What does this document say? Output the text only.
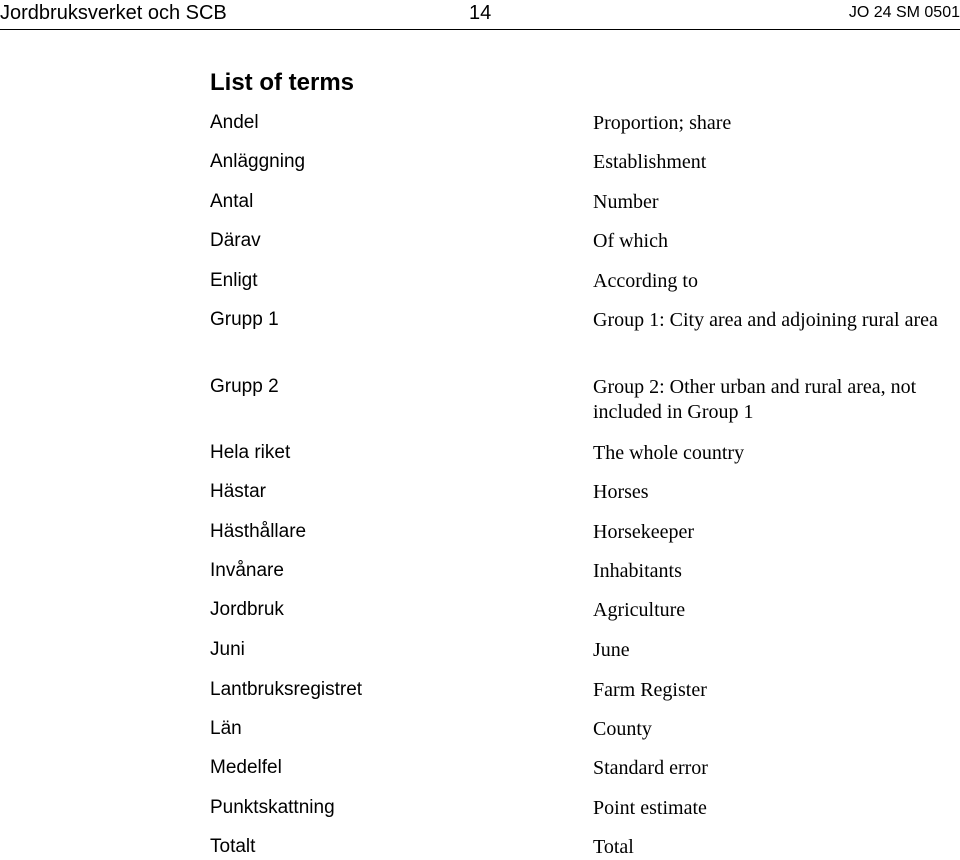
Jordbruksverket och SCB	14	JO 24 SM 0501
List of terms
Andel	Proportion; share
Anläggning	Establishment
Antal	Number
Därav	Of which
Enligt	According to
Grupp 1	Group 1: City area and adjoining rural area
Grupp 2	Group 2: Other urban and rural area, not included in Group 1
Hela riket	The whole country
Hästar	Horses
Hästhållare	Horsekeeper
Invånare	Inhabitants
Jordbruk	Agriculture
Juni	June
Lantbruksregistret	Farm Register
Län	County
Medelfel	Standard error
Punktskattning	Point estimate
Totalt	Total
